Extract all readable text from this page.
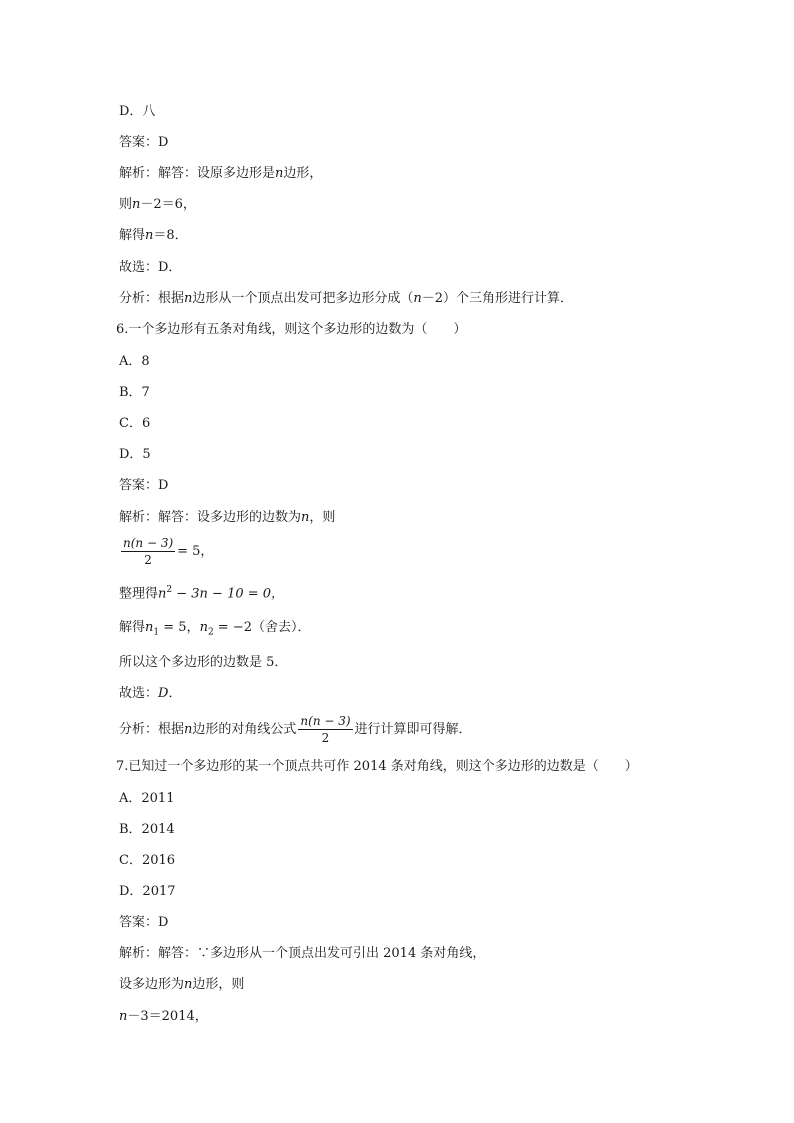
D．八
答案：D
解析：解答：设原多边形是n边形，
则n－2＝6，
解得n＝8．
故选：D．
分析：根据n边形从一个顶点出发可把多边形分成（n－2）个三角形进行计算．
6.一个多边形有五条对角线，则这个多边形的边数为（　　）
A．8
B．7
C．6
D．5
答案：D
解析：解答：设多边形的边数为n，则
$\frac{n(n - 3)}{2} = 5$，
整理得$n^2 - 3n - 10 = 0$，
解得$n_1 = 5$，$n_2 = -2$（舍去）．
所以这个多边形的边数是 5．
故选：D．
分析：根据n边形的对角线公式 $\frac{n(n - 3)}{2}$ 进行计算即可得解．
7.已知过一个多边形的某一个顶点共可作 2014 条对角线，则这个多边形的边数是（　　）
A．2011
B．2014
C．2016
D．2017
答案：D
解析：解答：∵多边形从一个顶点出发可引出 2014 条对角线，
设多边形为n边形，则
n－3＝2014，
